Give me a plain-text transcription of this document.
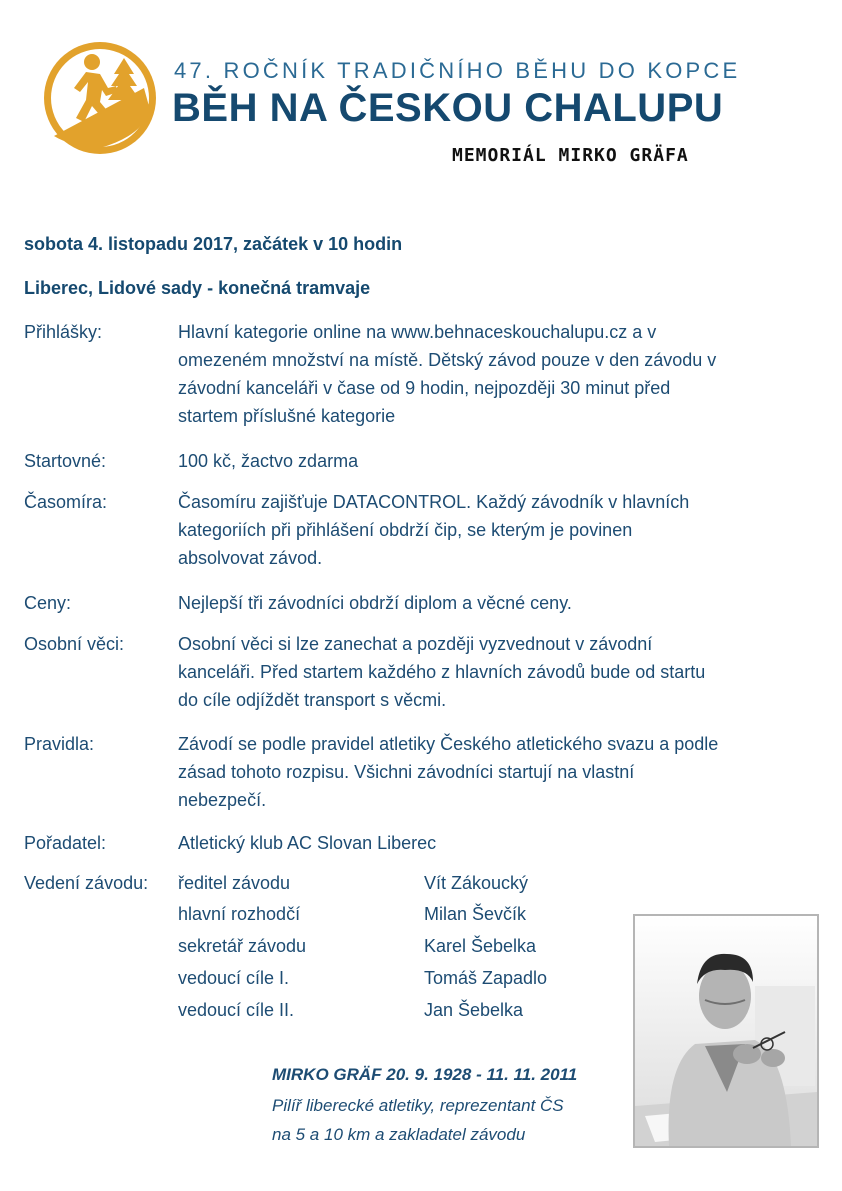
47. ROČNÍK TRADIČNÍHO BĚHU DO KOPCE
BĚH NA ČESKOU CHALUPU
MEMORIÁL MIRKO GRÄFA
sobota 4. listopadu 2017, začátek v 10 hodin
Liberec, Lidové sady - konečná tramvaje
Přihlášky:	Hlavní kategorie online na www.behnaceskouchalupu.cz a v
omezeném množství na místě. Dětský závod pouze v den závodu v
závodní kanceláři v čase od 9 hodin, nejpozději 30 minut před
startem příslušné kategorie
Startovné:	100 kč, žactvo zdarma
Časomíra:	Časomíru zajišťuje DATACONTROL. Každý závodník v hlavních
kategoriích při přihlášení obdrží čip, se kterým je povinen
absolvovat závod.
Ceny:	Nejlepší tři závodníci obdrží diplom a věcné ceny.
Osobní věci:	Osobní věci si lze zanechat a později vyzvednout v závodní
kanceláři. Před startem každého z hlavních závodů bude od startu
do cíle odjíždět transport s věcmi.
Pravidla:	Závodí se podle pravidel atletiky Českého atletického svazu a podle
zásad tohoto rozpisu. Všichni závodníci startují na vlastní
nebezpečí.
Pořadatel:	Atletický klub AC Slovan Liberec
Vedení závodu: ředitel závodu	Vít Zákoucký
hlavní rozhodčí	Milan Ševčík
sekretář závodu	Karel Šebelka
vedoucí cíle I.	Tomáš Zapadlo
vedoucí cíle II.	Jan Šebelka
MIRKO GRÄF 20. 9. 1928 - 11. 11. 2011
Pilíř liberecké atletiky, reprezentant ČS
na 5 a 10 km a zakladatel závodu
